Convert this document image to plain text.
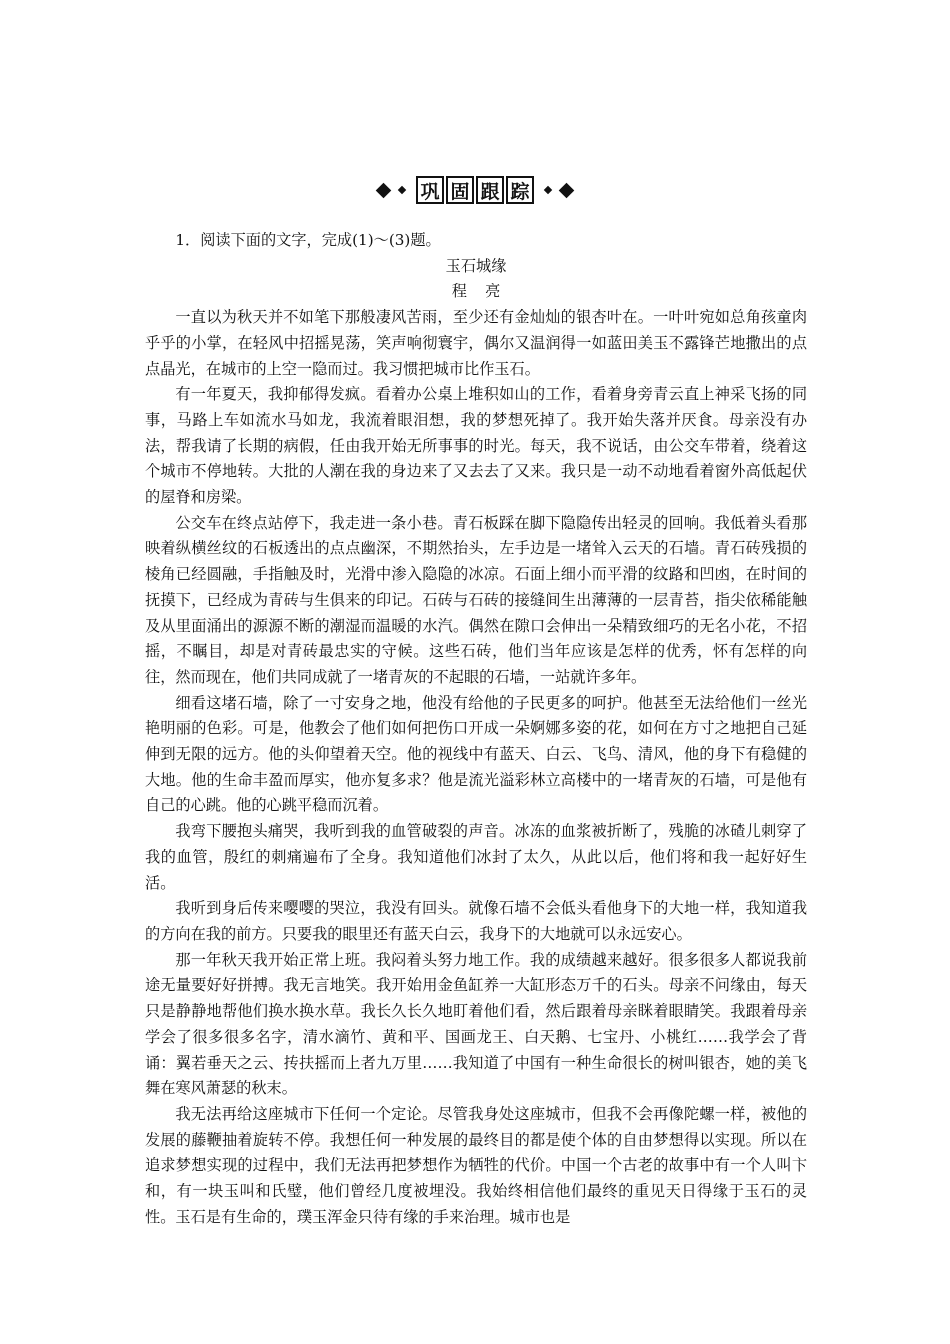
巩 固 跟 踪
1．阅读下面的文字，完成(1)～(3)题。
玉石城缘
程亮

一直以为秋天并不如笔下那般凄风苦雨，至少还有金灿灿的银杏叶在。一叶叶宛如总角孩童肉乎乎的小掌，在轻风中招摇晃荡，笑声响彻寰宇，偶尔又温润得一如蓝田美玉不露锋芒地撒出的点点晶光，在城市的上空一隐而过。我习惯把城市比作玉石。

有一年夏天，我抑郁得发疯。看着办公桌上堆积如山的工作，看着身旁青云直上神采飞扬的同事，马路上车如流水马如龙，我流着眼泪想，我的梦想死掉了。我开始失落并厌食。母亲没有办法，帮我请了长期的病假，任由我开始无所事事的时光。每天，我不说话，由公交车带着，绕着这个城市不停地转。大批的人潮在我的身边来了又去去了又来。我只是一动不动地看着窗外高低起伏的屋脊和房梁。

公交车在终点站停下，我走进一条小巷。青石板踩在脚下隐隐传出轻灵的回响。我低着头看那映着纵横丝纹的石板透出的点点幽深，不期然抬头，左手边是一堵耸入云天的石墙。青石砖残损的棱角已经圆融，手指触及时，光滑中渗入隐隐的冰凉。石面上细小而平滑的纹路和凹凼，在时间的抚摸下，已经成为青砖与生俱来的印记。石砖与石砖的接缝间生出薄薄的一层青苔，指尖依稀能触及从里面涌出的源源不断的潮湿而温暖的水汽。偶然在隙口会伸出一朵精致细巧的无名小花，不招摇，不瞩目，却是对青砖最忠实的守候。这些石砖，他们当年应该是怎样的优秀，怀有怎样的向往，然而现在，他们共同成就了一堵青灰的不起眼的石墙，一站就许多年。

细看这堵石墙，除了一寸安身之地，他没有给他的子民更多的呵护。他甚至无法给他们一丝光艳明丽的色彩。可是，他教会了他们如何把伤口开成一朵婀娜多姿的花，如何在方寸之地把自己延伸到无限的远方。他的头仰望着天空。他的视线中有蓝天、白云、飞鸟、清风，他的身下有稳健的大地。他的生命丰盈而厚实，他亦复多求？他是流光溢彩林立高楼中的一堵青灰的石墙，可是他有自己的心跳。他的心跳平稳而沉着。

我弯下腰抱头痛哭，我听到我的血管破裂的声音。冰冻的血浆被折断了，残脆的冰碴儿刺穿了我的血管，殷红的刺痛遍布了全身。我知道他们冰封了太久，从此以后，他们将和我一起好好生活。

我听到身后传来嘤嘤的哭泣，我没有回头。就像石墙不会低头看他身下的大地一样，我知道我的方向在我的前方。只要我的眼里还有蓝天白云，我身下的大地就可以永远安心。

那一年秋天我开始正常上班。我闷着头努力地工作。我的成绩越来越好。很多很多人都说我前途无量要好好拼搏。我无言地笑。我开始用金鱼缸养一大缸形态万千的石头。母亲不问缘由，每天只是静静地帮他们换水换水草。我长久长久地盯着他们看，然后跟着母亲眯着眼睛笑。我跟着母亲学会了很多很多名字，清水滴竹、黄和平、国画龙王、白天鹅、七宝丹、小桃红……我学会了背诵：翼若垂天之云、抟扶摇而上者九万里……我知道了中国有一种生命很长的树叫银杏，她的美飞舞在寒风萧瑟的秋末。

我无法再给这座城市下任何一个定论。尽管我身处这座城市，但我不会再像陀螺一样，被他的发展的藤鞭抽着旋转不停。我想任何一种发展的最终目的都是使个体的自由梦想得以实现。所以在追求梦想实现的过程中，我们无法再把梦想作为牺牲的代价。中国一个古老的故事中有一个人叫卞和，有一块玉叫和氏璧，他们曾经几度被埋没。我始终相信他们最终的重见天日得缘于玉石的灵性。玉石是有生命的，璞玉浑金只待有缘的手来治理。城市也是
